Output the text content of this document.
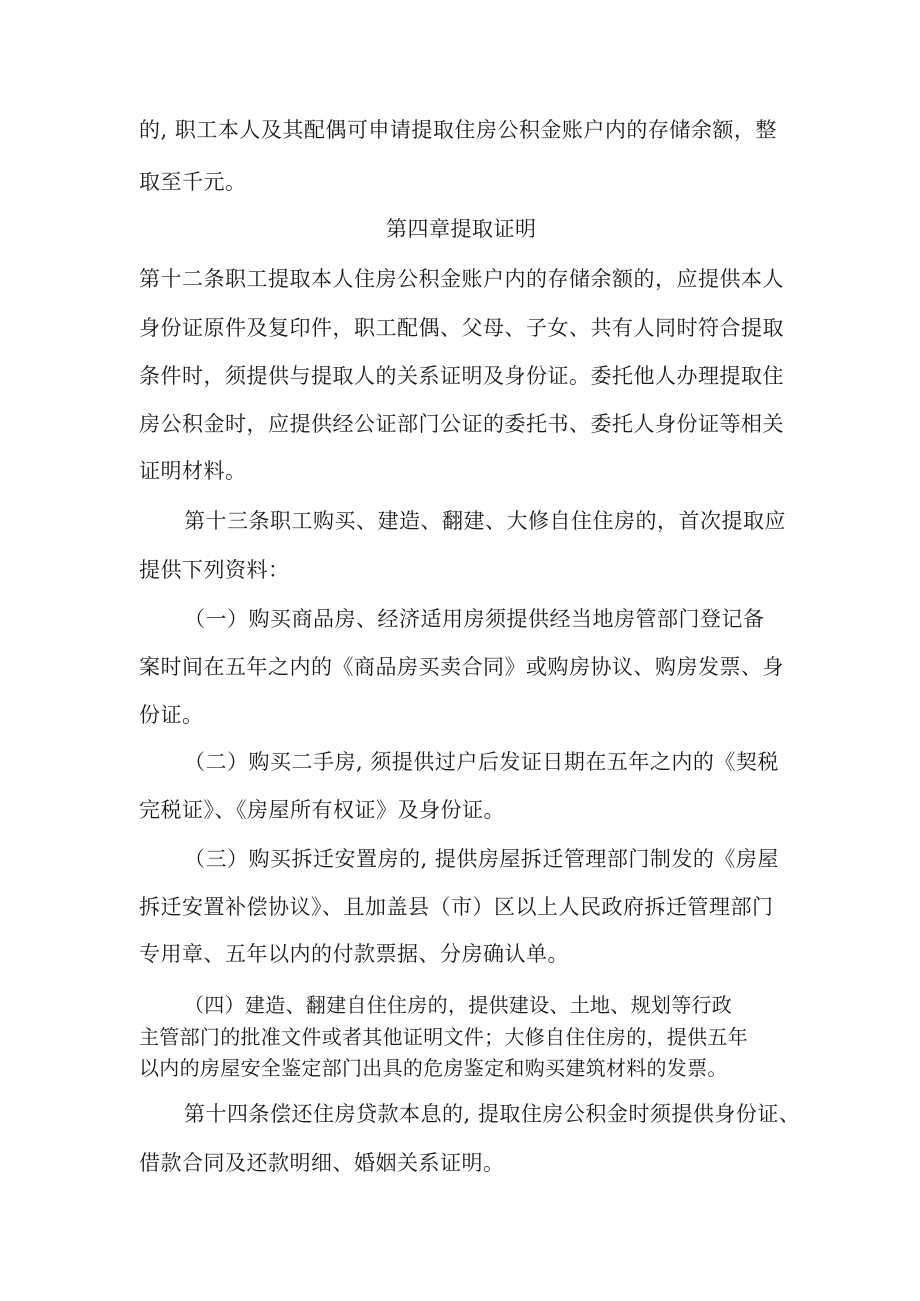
的, 职工本人及其配偶可申请提取住房公积金账户内的存储余额，整
取至千元。
第四章提取证明
第十二条职工提取本人住房公积金账户内的存储余额的，应提供本人
身份证原件及复印件，职工配偶、父母、子女、共有人同时符合提取
条件时，须提供与提取人的关系证明及身份证。委托他人办理提取住
房公积金时，应提供经公证部门公证的委托书、委托人身份证等相关
证明材料。
第十三条职工购买、建造、翻建、大修自住住房的，首次提取应
提供下列资料：
（一）购买商品房、经济适用房须提供经当地房管部门登记备
案时间在五年之内的《商品房买卖合同》或购房协议、购房发票、身
份证。
（二）购买二手房, 须提供过户后发证日期在五年之内的《契税
完税证》、《房屋所有权证》及身份证。
（三）购买拆迁安置房的, 提供房屋拆迁管理部门制发的《房屋
拆迁安置补偿协议》、且加盖县（市）区以上人民政府拆迁管理部门
专用章、五年以内的付款票据、分房确认单。
（四）建造、翻建自住住房的，提供建设、土地、规划等行政
主管部门的批准文件或者其他证明文件；大修自住住房的，提供五年
以内的房屋安全鉴定部门出具的危房鉴定和购买建筑材料的发票。
第十四条偿还住房贷款本息的, 提取住房公积金时须提供身份证、
借款合同及还款明细、婚姻关系证明。
